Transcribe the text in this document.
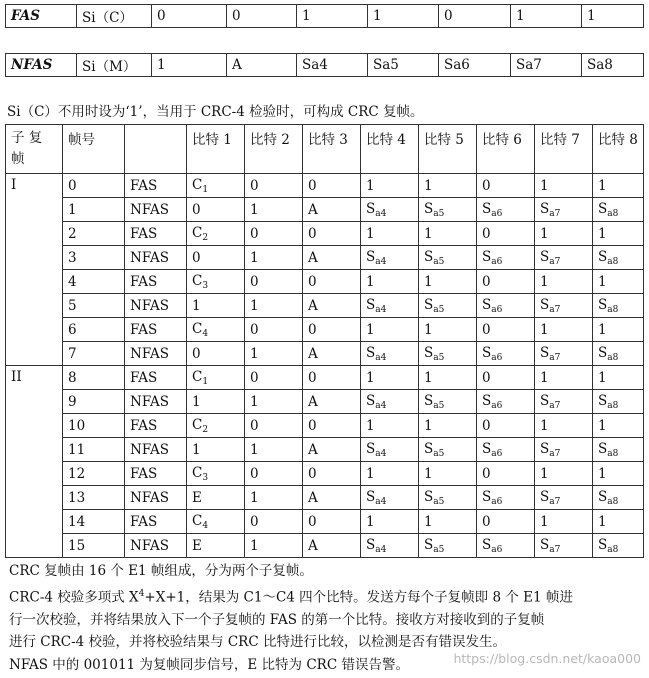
FAS	Si（C）	0	0	1	1	0	1	1
NFAS	Si（M）	1	A	Sa4	Sa5	Sa6	Sa7	Sa8
Si（C）不用时设为‘1’，当用于 CRC-4 检验时，可构成 CRC 复帧。
子 复
帧	帧号		比特 1	比特 2	比特 3	比特 4	比特 5	比特 6	比特 7	比特 8
I	0	FAS	$C_1$	0	0	1	1	0	1	1
	1	NFAS	0	1	A	$S_{a4}$	$S_{a5}$	$S_{a6}$	$S_{a7}$	$S_{a8}$
	2	FAS	$C_2$	0	0	1	1	0	1	1
	3	NFAS	0	1	A	$S_{a4}$	$S_{a5}$	$S_{a6}$	$S_{a7}$	$S_{a8}$
	4	FAS	$C_3$	0	0	1	1	0	1	1
	5	NFAS	1	1	A	$S_{a4}$	$S_{a5}$	$S_{a6}$	$S_{a7}$	$S_{a8}$
	6	FAS	$C_4$	0	0	1	1	0	1	1
	7	NFAS	0	1	A	$S_{a4}$	$S_{a5}$	$S_{a6}$	$S_{a7}$	$S_{a8}$
II	8	FAS	$C_1$	0	0	1	1	0	1	1
	9	NFAS	1	1	A	$S_{a4}$	$S_{a5}$	$S_{a6}$	$S_{a7}$	$S_{a8}$
	10	FAS	$C_2$	0	0	1	1	0	1	1
	11	NFAS	1	1	A	$S_{a4}$	$S_{a5}$	$S_{a6}$	$S_{a7}$	$S_{a8}$
	12	FAS	$C_3$	0	0	1	1	0	1	1
	13	NFAS	E	1	A	$S_{a4}$	$S_{a5}$	$S_{a6}$	$S_{a7}$	$S_{a8}$
	14	FAS	$C_4$	0	0	1	1	0	1	1
	15	NFAS	E	1	A	$S_{a4}$	$S_{a5}$	$S_{a6}$	$S_{a7}$	$S_{a8}$

CRC 复帧由 16 个 E1 帧组成，分为两个子复帧。

CRC-4 校验多项式 $X^4+X+1$，结果为 C1～C4 四个比特。发送方每个子复帧即 8 个 E1 帧进

行一次校验，并将结果放入下一个子复帧的 FAS 的第一个比特。接收方对接收到的子复帧

进行 CRC-4 校验，并将校验结果与 CRC 比特进行比较，以检测是否有错误发生。

NFAS 中的 001011 为复帧同步信号，E 比特为 CRC 错误告警。	https://blog.csdn.net/kaoa000
